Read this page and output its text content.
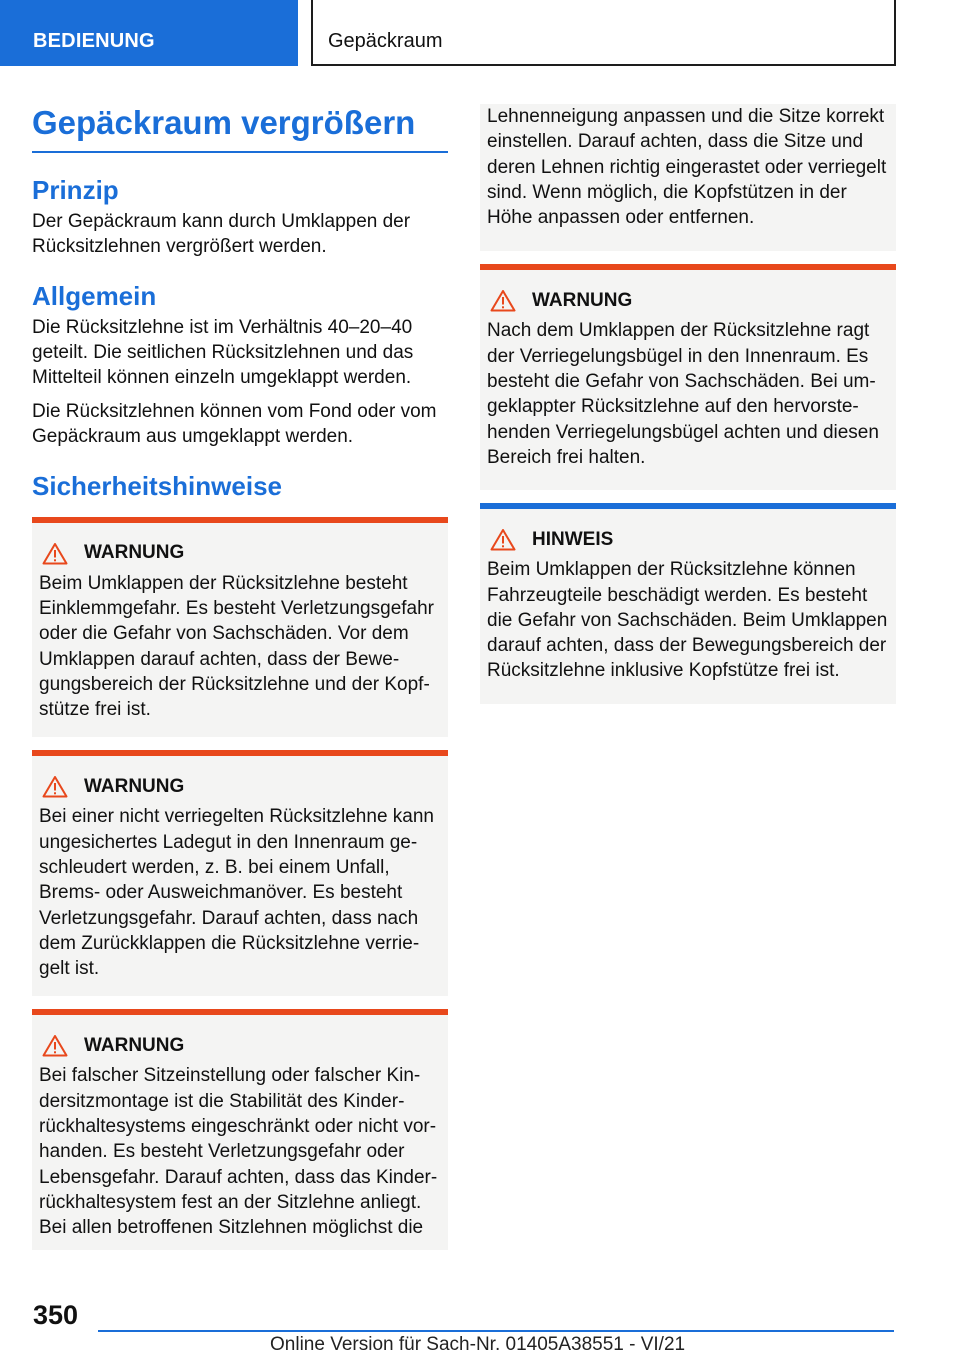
BEDIENUNG	Gepäckraum
Gepäckraum vergrößern
Prinzip

Der Gepäckraum kann durch Umklappen der Rücksitzlehnen vergrößert werden.

Allgemein

Die Rücksitzlehne ist im Verhältnis 40–20–40 geteilt. Die seitlichen Rücksitzlehnen und das Mittelteil können einzeln umgeklappt werden.

Die Rücksitzlehnen können vom Fond oder vom Gepäckraum aus umgeklappt werden.

Sicherheitshinweise
WARNUNG
Beim Umklappen der Rücksitzlehne besteht Einklemmgefahr. Es besteht Verletzungsgefahr oder die Gefahr von Sachschäden. Vor dem Umklappen darauf achten, dass der Bewe-gungsbereich der Rücksitzlehne und der Kopf-stütze frei ist.
WARNUNG
Bei einer nicht verriegelten Rücksitzlehne kann ungesichertes Ladegut in den Innenraum ge-schleudert werden, z. B. bei einem Unfall, Brems- oder Ausweichmanöver. Es besteht Verletzungsgefahr. Darauf achten, dass nach dem Zurückklappen die Rücksitzlehne verrie-gelt ist.
WARNUNG
Bei falscher Sitzeinstellung oder falscher Kin-dersitzmontage ist die Stabilität des Kinder-rückhaltesystems eingeschränkt oder nicht vor-handen. Es besteht Verletzungsgefahr oder Lebensgefahr. Darauf achten, dass das Kinder-rückhaltesystem fest an der Sitzlehne anliegt. Bei allen betroffenen Sitzlehnen möglichst die
Lehnenneigung anpassen und die Sitze korrekt einstellen. Darauf achten, dass die Sitze und deren Lehnen richtig eingerastet oder verriegelt sind. Wenn möglich, die Kopfstützen in der Höhe anpassen oder entfernen.
WARNUNG
Nach dem Umklappen der Rücksitzlehne ragt der Verriegelungsbügel in den Innenraum. Es besteht die Gefahr von Sachschäden. Bei um-geklappter Rücksitzlehne auf den hervorste-henden Verriegelungsbügel achten und diesen Bereich frei halten.
HINWEIS
Beim Umklappen der Rücksitzlehne können Fahrzeugteile beschädigt werden. Es besteht die Gefahr von Sachschäden. Beim Umklappen darauf achten, dass der Bewegungsbereich der Rücksitzlehne inklusive Kopfstütze frei ist.
350
Online Version für Sach-Nr. 01405A38551 - VI/21
